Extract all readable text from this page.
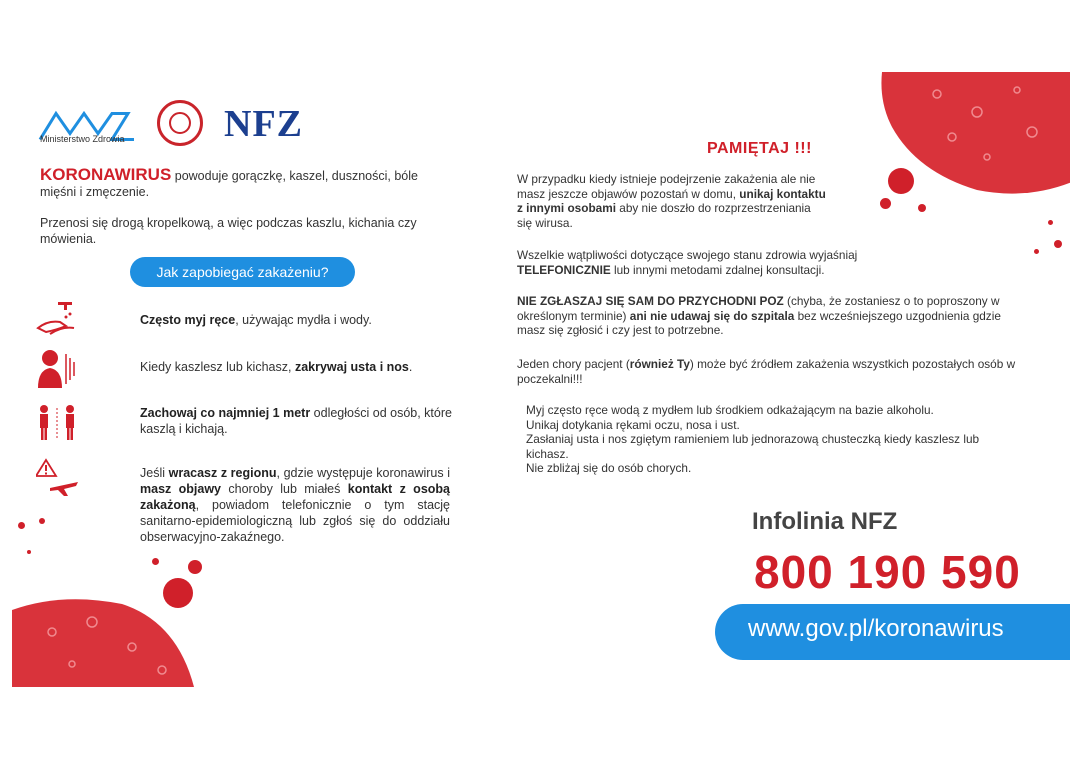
Ministerstwo Zdrowia	NFZ
KORONAWIRUS powoduje gorączkę, kaszel, duszności, bóle mięśni i zmęczenie.
Przenosi się drogą kropelkową, a więc podczas kaszlu, kichania czy mówienia.
Jak zapobiegać zakażeniu?
Często myj ręce, używając mydła i wody.
Kiedy kaszlesz lub kichasz, zakrywaj usta i nos.
Zachowaj co najmniej 1 metr odległości od osób, które kaszlą i kichają.
Jeśli wracasz z regionu, gdzie występuje koronawirus i masz objawy choroby lub miałeś kontakt z osobą zakażoną, powiadom telefonicznie o tym stację sanitarno-epidemiologiczną lub zgłoś się do oddziału obserwacyjno-zakaźnego.
PAMIĘTAJ !!!
W przypadku kiedy istnieje podejrzenie zakażenia ale nie masz jeszcze objawów pozostań w domu, unikaj kontaktu z innymi osobami aby nie doszło do rozprzestrzeniania się wirusa.
Wszelkie wątpliwości dotyczące swojego stanu zdrowia wyjaśniaj TELEFONICZNIE lub innymi metodami zdalnej konsultacji.
NIE ZGŁASZAJ SIĘ SAM DO PRZYCHODNI POZ (chyba, że zostaniesz o to poproszony w określonym terminie) ani nie udawaj się do szpitala bez wcześniejszego uzgodnienia gdzie masz się zgłosić i czy jest to potrzebne.
Jeden chory pacjent (również Ty) może być źródłem zakażenia wszystkich pozostałych osób w poczekalni!!!
Myj często ręce wodą z mydłem lub środkiem odkażającym na bazie alkoholu.
Unikaj dotykania rękami oczu, nosa i ust.
Zasłaniaj usta i nos zgiętym ramieniem lub jednorazową chusteczką kiedy kaszlesz lub kichasz.
Nie zbliżaj się do osób chorych.
Infolinia NFZ
800 190 590
www.gov.pl/koronawirus
